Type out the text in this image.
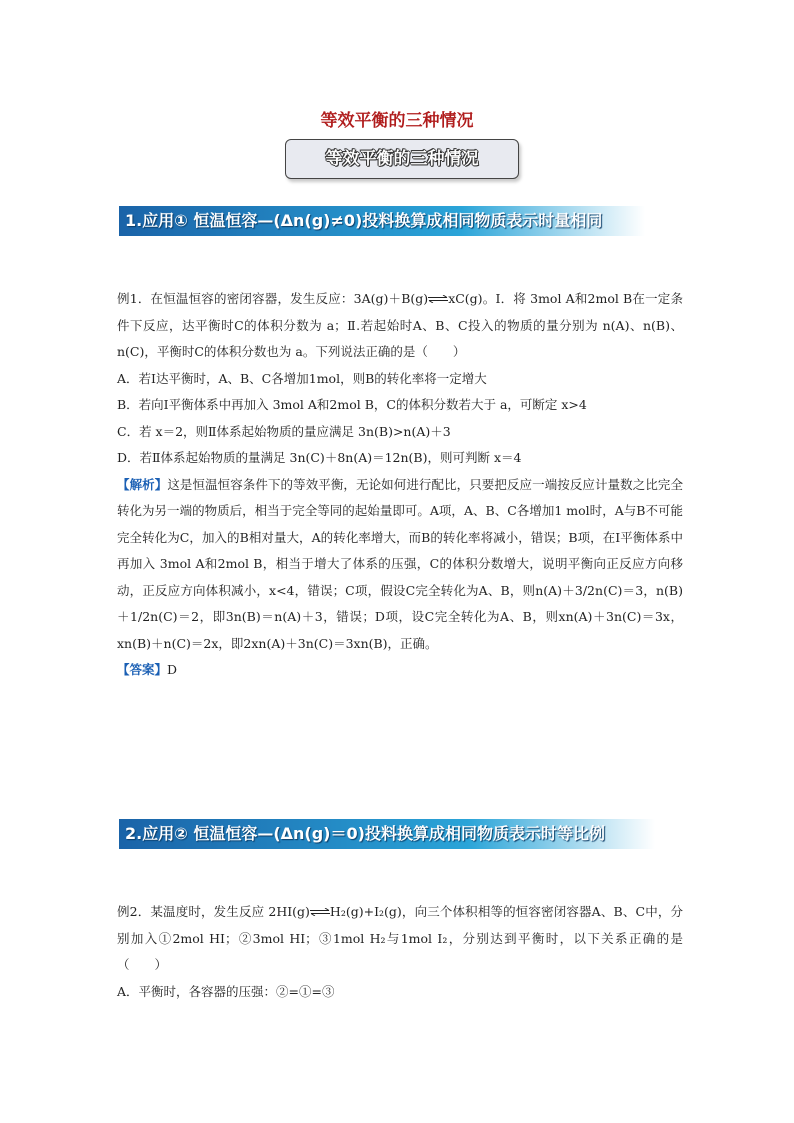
等效平衡的三种情况
等效平衡的三种情况
1.应用① 恒温恒容—(Δn(g)≠0)投料换算成相同物质表示时量相同

例1．在恒温恒容的密闭容器，发生反应：3A(g)＋B(g)⇌xC(g)。Ⅰ．将 3mol A和2mol B在一定条件下反应，达平衡时C的体积分数为 a；Ⅱ.若起始时A、B、C投入的物质的量分别为 n(A)、n(B)、n(C)，平衡时C的体积分数也为 a。下列说法正确的是（　　）

A．若Ⅰ达平衡时，A、B、C各增加1mol，则B的转化率将一定增大

B．若向Ⅰ平衡体系中再加入 3mol A和2mol B，C的体积分数若大于 a，可断定 x>4

C．若 x＝2，则Ⅱ体系起始物质的量应满足 3n(B)>n(A)＋3

D．若Ⅱ体系起始物质的量满足 3n(C)＋8n(A)＝12n(B)，则可判断 x＝4

【解析】这是恒温恒容条件下的等效平衡，无论如何进行配比，只要把反应一端按反应计量数之比完全转化为另一端的物质后，相当于完全等同的起始量即可。A项，A、B、C各增加1 mol时，A与B不可能完全转化为C，加入的B相对量大，A的转化率增大，而B的转化率将减小，错误；B项，在Ⅰ平衡体系中再加入 3mol A和2mol B，相当于增大了体系的压强，C的体积分数增大，说明平衡向正反应方向移动，正反应方向体积减小，x<4，错误；C项，假设C完全转化为A、B，则n(A)＋3/2n(C)＝3，n(B)＋1/2n(C)＝2，即3n(B)＝n(A)＋3，错误；D项，设C完全转化为A、B，则xn(A)＋3n(C)＝3x，xn(B)＋n(C)＝2x，即2xn(A)＋3n(C)＝3xn(B)，正确。

【答案】D

2.应用② 恒温恒容—(Δn(g)＝0)投料换算成相同物质表示时等比例

例2．某温度时，发生反应 2HI(g)⇌H₂(g)+I₂(g)，向三个体积相等的恒容密闭容器A、B、C中，分别加入①2mol HI；②3mol HI；③1mol H₂与1mol I₂，分别达到平衡时，以下关系正确的是（　　）

A．平衡时，各容器的压强：②=①=③
